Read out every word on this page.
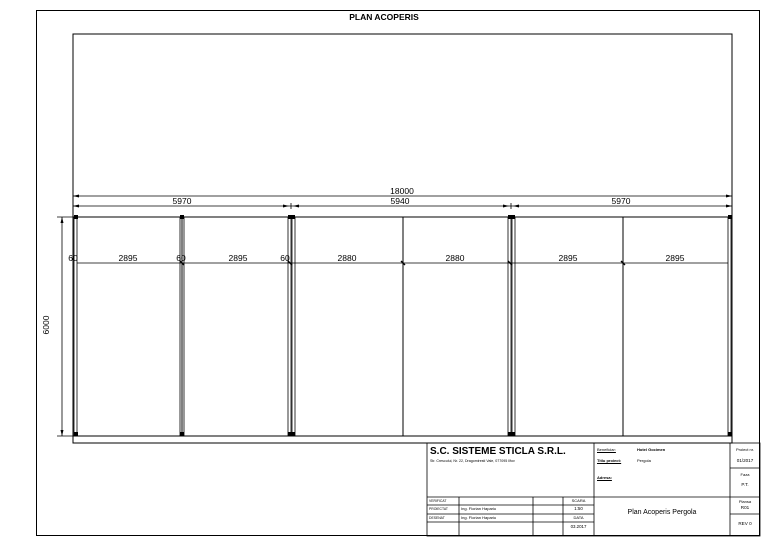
PLAN ACOPERIS
18000
5970	5940	5970
6000
60	60	60
2895	2895	2880	2880	2895	2895
S.C. SISTEME STICLA S.R.L.
Str. Crescului, Nr. 22, Dragomiresti Vale, 077095 Ilfov
Beneficiar:	Hotel Gocimen
Titlu proiect:	Pergola
Adresa:
Proiect nr.
01/2017
Faza
P.T.
VERIFICAT
PROIECTAT	Ing. Florian Hapariu
DESENAT	Ing. Florian Hapariu
SCARA
1:50
DATA
03.2017
Plan Acoperis Pergola
Plansa
R01
REV 0
